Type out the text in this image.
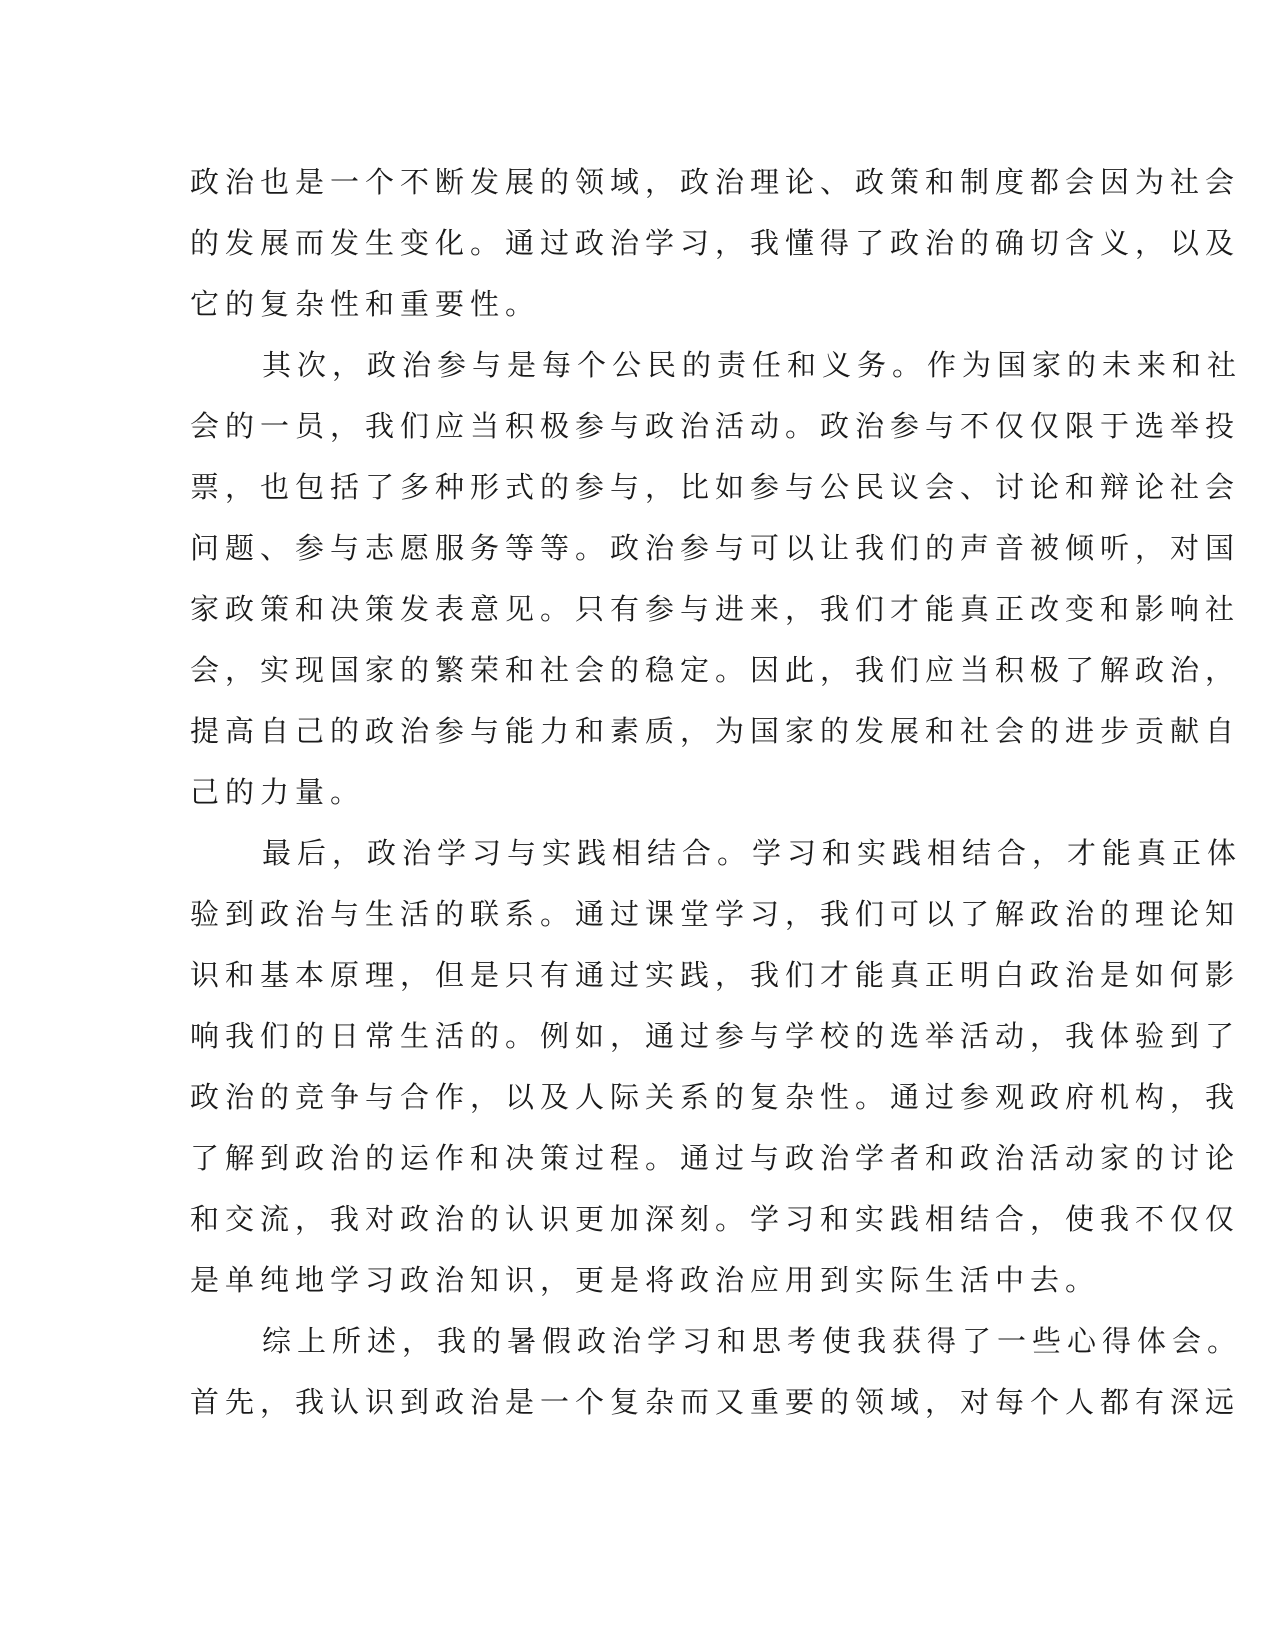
政治也是一个不断发展的领域，政治理论、政策和制度都会因为社会
的发展而发生变化。通过政治学习，我懂得了政治的确切含义，以及
它的复杂性和重要性。
其次，政治参与是每个公民的责任和义务。作为国家的未来和社
会的一员，我们应当积极参与政治活动。政治参与不仅仅限于选举投
票，也包括了多种形式的参与，比如参与公民议会、讨论和辩论社会
问题、参与志愿服务等等。政治参与可以让我们的声音被倾听，对国
家政策和决策发表意见。只有参与进来，我们才能真正改变和影响社
会，实现国家的繁荣和社会的稳定。因此，我们应当积极了解政治，
提高自己的政治参与能力和素质，为国家的发展和社会的进步贡献自
己的力量。
最后，政治学习与实践相结合。学习和实践相结合，才能真正体
验到政治与生活的联系。通过课堂学习，我们可以了解政治的理论知
识和基本原理，但是只有通过实践，我们才能真正明白政治是如何影
响我们的日常生活的。例如，通过参与学校的选举活动，我体验到了
政治的竞争与合作，以及人际关系的复杂性。通过参观政府机构，我
了解到政治的运作和决策过程。通过与政治学者和政治活动家的讨论
和交流，我对政治的认识更加深刻。学习和实践相结合，使我不仅仅
是单纯地学习政治知识，更是将政治应用到实际生活中去。
综上所述，我的暑假政治学习和思考使我获得了一些心得体会。
首先，我认识到政治是一个复杂而又重要的领域，对每个人都有深远
